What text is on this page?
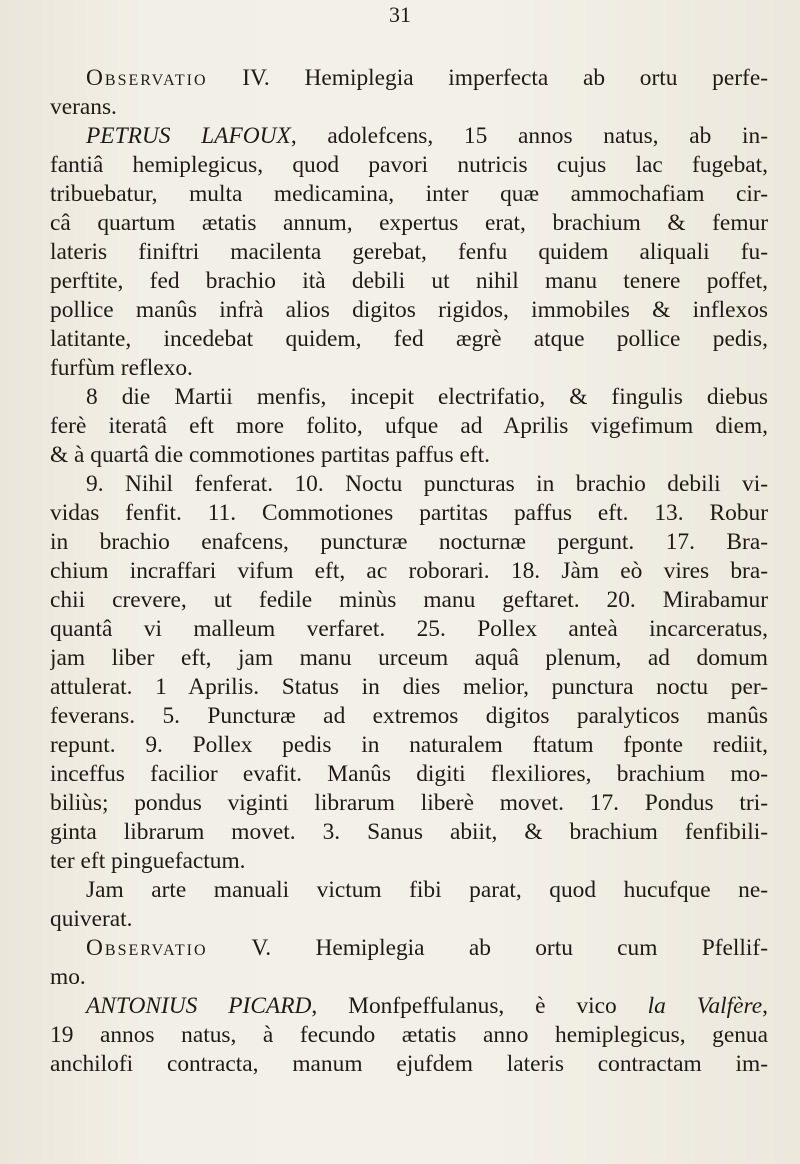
31
Observatio IV. Hemiplegia imperfecta ab ortu perfe-
verans.
PETRUS LAFOUX, adolefcens, 15 annos natus, ab in-
fantiâ hemiplegicus, quod pavori nutricis cujus lac fugebat,
tribuebatur, multa medicamina, inter quæ ammochafiam cir-
câ quartum ætatis annum, expertus erat, brachium & femur
lateris finiftri macilenta gerebat, fenfu quidem aliquali fu-
perftite, fed brachio ità debili ut nihil manu tenere poffet,
pollice manûs infrà alios digitos rigidos, immobiles & inflexos
latitante, incedebat quidem, fed ægrè atque pollice pedis,
furfùm reflexo.
8 die Martii menfis, incepit electrifatio, & fingulis diebus
ferè iteratâ eft more folito, ufque ad Aprilis vigefimum diem,
& à quartâ die commotiones partitas paffus eft.
9. Nihil fenferat. 10. Noctu puncturas in brachio debili vi-
vidas fenfit. 11. Commotiones partitas paffus eft. 13. Robur
in brachio enafcens, puncturæ nocturnæ pergunt. 17. Bra-
chium incraffari vifum eft, ac roborari. 18. Jàm eò vires bra-
chii crevere, ut fedile minùs manu geftaret. 20. Mirabamur
quantâ vi malleum verfaret. 25. Pollex anteà incarceratus,
jam liber eft, jam manu urceum aquâ plenum, ad domum
attulerat. 1 Aprilis. Status in dies melior, punctura noctu per-
feverans. 5. Puncturæ ad extremos digitos paralyticos manûs
repunt. 9. Pollex pedis in naturalem ftatum fponte rediit,
inceffus facilior evafit. Manûs digiti flexiliores, brachium mo-
biliùs; pondus viginti librarum liberè movet. 17. Pondus tri-
ginta librarum movet. 3. Sanus abiit, & brachium fenfibili-
ter eft pinguefactum.
Jam arte manuali victum fibi parat, quod hucufque ne-
quiverat.
Observatio V. Hemiplegia ab ortu cum Pfellif-
mo.
ANTONIUS PICARD, Monfpeffulanus, è vico la Valfère,
19 annos natus, à fecundo ætatis anno hemiplegicus, genua
anchilofi contracta, manum ejufdem lateris contractam im-
